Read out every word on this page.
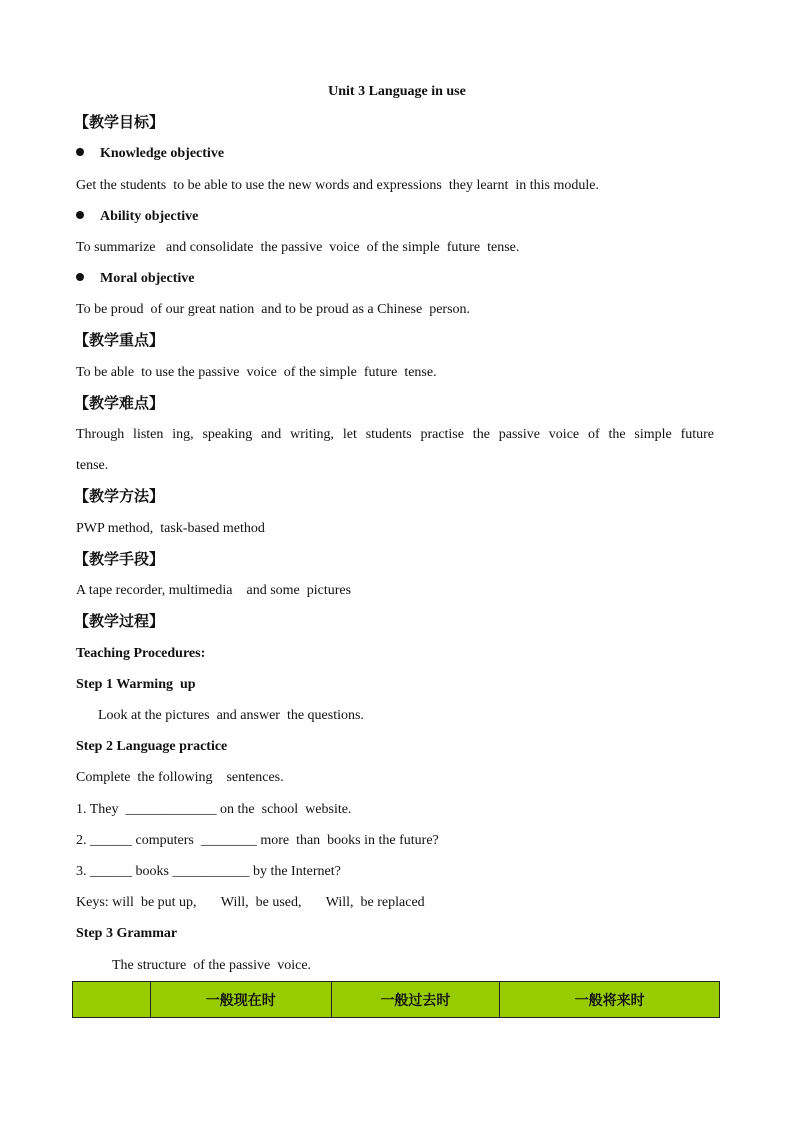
Unit 3 Language in use

【教学目标】

Knowledge objective

Get the students  to be able to use the new words and expressions  they learnt  in this module.

Ability objective

To summarize   and consolidate  the passive  voice  of the simple  future  tense.

Moral objective

To be proud  of our great nation  and to be proud as a Chinese  person.

【教学重点】

To be able  to use the passive  voice  of the simple  future  tense.

【教学难点】

Through listen ing, speaking and writing, let students practise the passive voice of the simple future

tense.

【教学方法】

PWP method,  task-based method

【教学手段】

A tape recorder, multimedia    and some  pictures

【教学过程】

Teaching Procedures:

Step 1 Warming  up

Look at the pictures  and answer  the questions.

Step 2 Language practice

Complete  the following    sentences.

1. They  _____________ on the  school  website.

2. ______ computers  ________ more  than  books in the future?

3. ______ books ___________ by the Internet?

Keys: will  be put up,       Will,  be used,       Will,  be replaced

Step 3 Grammar

The structure  of the passive  voice.

	一般现在时	一般过去时	一般将来时
